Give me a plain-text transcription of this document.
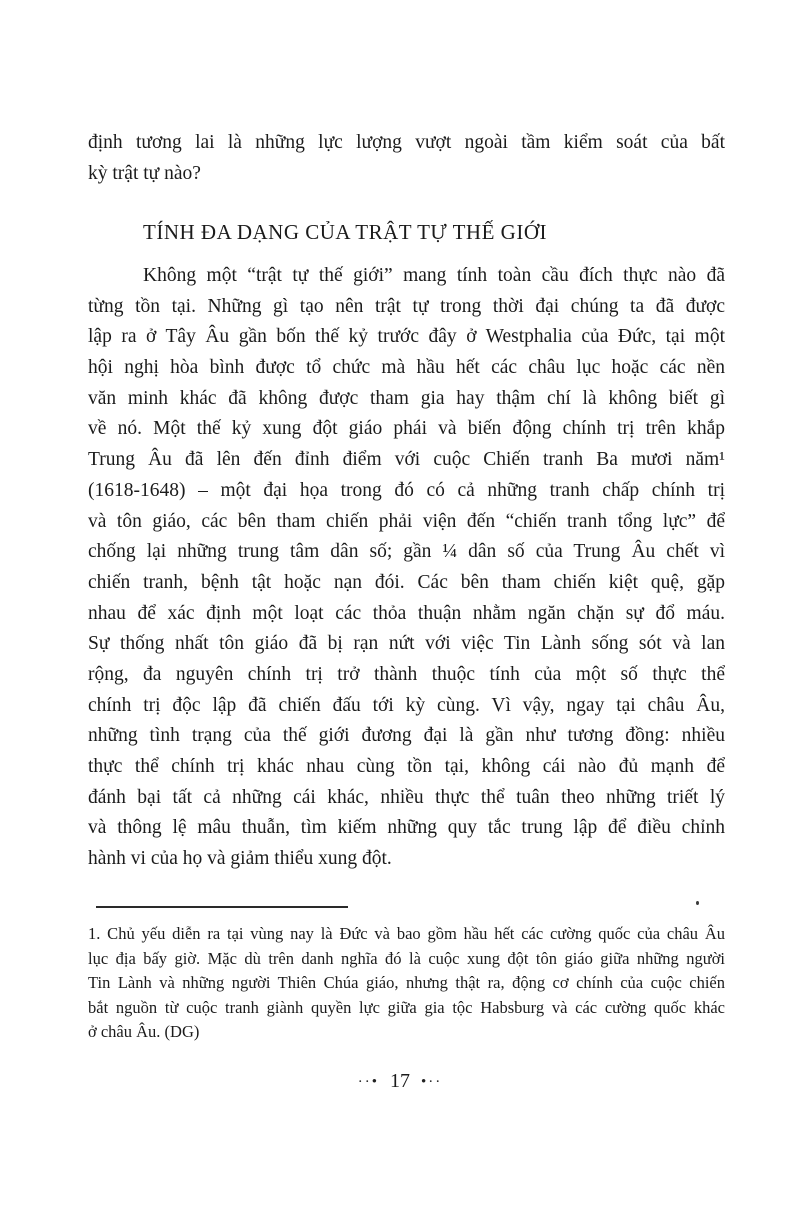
định tương lai là những lực lượng vượt ngoài tầm kiểm soát của bất
kỳ trật tự nào?
TÍNH ĐA DẠNG CỦA TRẬT TỰ THẾ GIỚI
Không một “trật tự thế giới” mang tính toàn cầu đích thực nào đã
từng tồn tại. Những gì tạo nên trật tự trong thời đại chúng ta đã được
lập ra ở Tây Âu gần bốn thế kỷ trước đây ở Westphalia của Đức, tại một
hội nghị hòa bình được tổ chức mà hầu hết các châu lục hoặc các nền
văn minh khác đã không được tham gia hay thậm chí là không biết gì
về nó. Một thế kỷ xung đột giáo phái và biến động chính trị trên khắp
Trung Âu đã lên đến đỉnh điểm với cuộc Chiến tranh Ba mươi năm¹
(1618-1648) – một đại họa trong đó có cả những tranh chấp chính trị
và tôn giáo, các bên tham chiến phải viện đến “chiến tranh tổng lực” để
chống lại những trung tâm dân số; gần ¼ dân số của Trung Âu chết vì
chiến tranh, bệnh tật hoặc nạn đói. Các bên tham chiến kiệt quệ, gặp
nhau để xác định một loạt các thỏa thuận nhằm ngăn chặn sự đổ máu.
Sự thống nhất tôn giáo đã bị rạn nứt với việc Tin Lành sống sót và lan
rộng, đa nguyên chính trị trở thành thuộc tính của một số thực thể
chính trị độc lập đã chiến đấu tới kỳ cùng. Vì vậy, ngay tại châu Âu,
những tình trạng của thế giới đương đại là gần như tương đồng: nhiều
thực thể chính trị khác nhau cùng tồn tại, không cái nào đủ mạnh để
đánh bại tất cả những cái khác, nhiều thực thể tuân theo những triết lý
và thông lệ mâu thuẫn, tìm kiếm những quy tắc trung lập để điều chỉnh
hành vi của họ và giảm thiểu xung đột.
1. Chủ yếu diễn ra tại vùng nay là Đức và bao gồm hầu hết các cường quốc của châu Âu
lục địa bấy giờ. Mặc dù trên danh nghĩa đó là cuộc xung đột tôn giáo giữa những người
Tin Lành và những người Thiên Chúa giáo, nhưng thật ra, động cơ chính của cuộc chiến
bắt nguồn từ cuộc tranh giành quyền lực giữa gia tộc Habsburg và các cường quốc khác
ở châu Âu. (DG)
··• 17 •··
